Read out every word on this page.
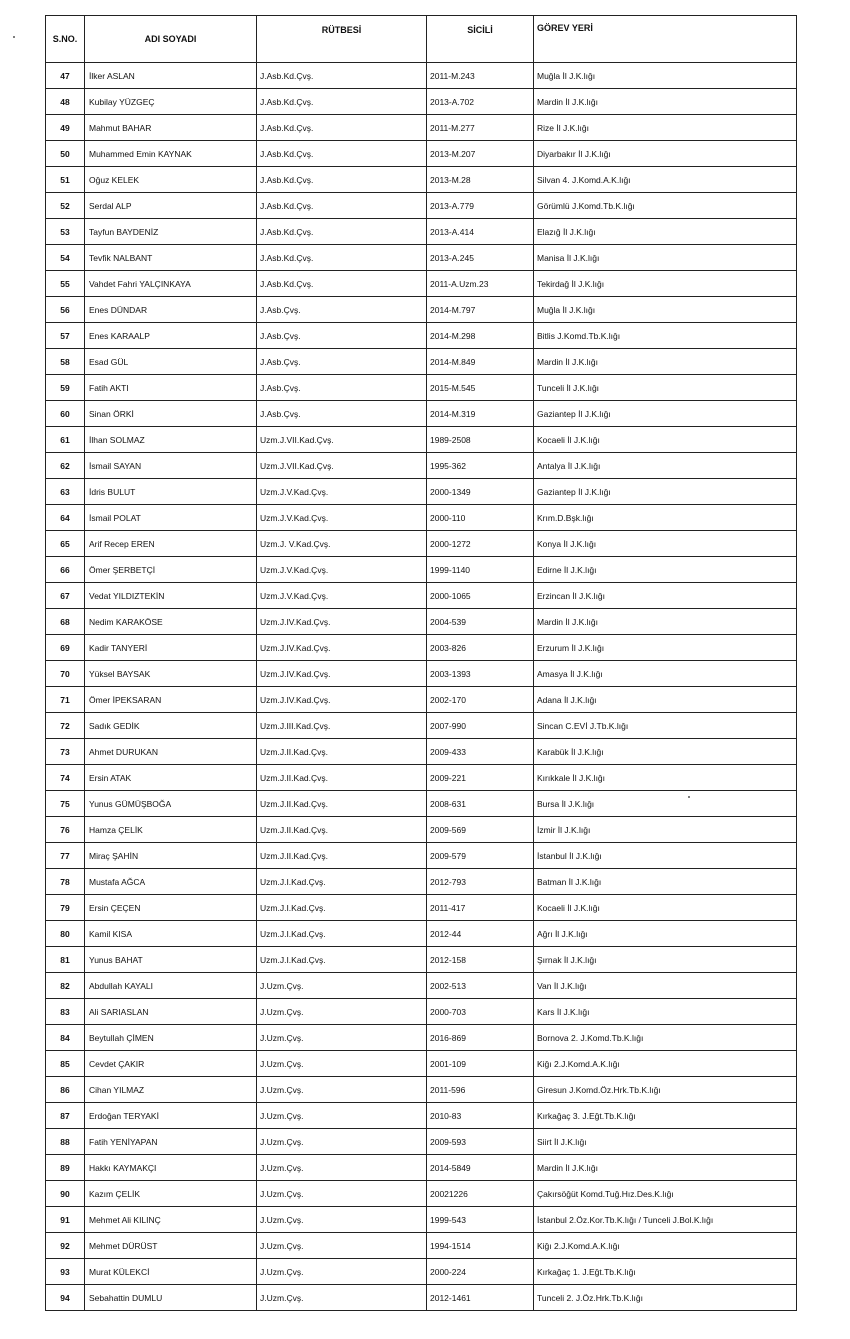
S.NO.	ADI SOYADI	RÜTBESİ	SİCİLİ	GÖREV YERİ
47	İlker ASLAN	J.Asb.Kd.Çvş.	2011-M.243	Muğla İl J.K.lığı
48	Kubilay YÜZGEÇ	J.Asb.Kd.Çvş.	2013-A.702	Mardin İl J.K.lığı
49	Mahmut BAHAR	J.Asb.Kd.Çvş.	2011-M.277	Rize İl J.K.lığı
50	Muhammed Emin KAYNAK	J.Asb.Kd.Çvş.	2013-M.207	Diyarbakır İl J.K.lığı
51	Oğuz KELEK	J.Asb.Kd.Çvş.	2013-M.28	Silvan 4. J.Komd.A.K.lığı
52	Serdal ALP	J.Asb.Kd.Çvş.	2013-A.779	Görümlü J.Komd.Tb.K.lığı
53	Tayfun BAYDENİZ	J.Asb.Kd.Çvş.	2013-A.414	Elazığ İl J.K.lığı
54	Tevfik NALBANT	J.Asb.Kd.Çvş.	2013-A.245	Manisa İl J.K.lığı
55	Vahdet Fahri YALÇINKAYA	J.Asb.Kd.Çvş.	2011-A.Uzm.23	Tekirdağ İl J.K.lığı
56	Enes DÜNDAR	J.Asb.Çvş.	2014-M.797	Muğla İl J.K.lığı
57	Enes KARAALP	J.Asb.Çvş.	2014-M.298	Bitlis J.Komd.Tb.K.lığı
58	Esad GÜL	J.Asb.Çvş.	2014-M.849	Mardin İl J.K.lığı
59	Fatih AKTI	J.Asb.Çvş.	2015-M.545	Tunceli İl J.K.lığı
60	Sinan ÖRKİ	J.Asb.Çvş.	2014-M.319	Gaziantep İl J.K.lığı
61	İlhan SOLMAZ	Uzm.J.VII.Kad.Çvş.	1989-2508	Kocaeli İl J.K.lığı
62	İsmail SAYAN	Uzm.J.VII.Kad.Çvş.	1995-362	Antalya İl J.K.lığı
63	İdris BULUT	Uzm.J.V.Kad.Çvş.	2000-1349	Gaziantep İl J.K.lığı
64	İsmail POLAT	Uzm.J.V.Kad.Çvş.	2000-110	Krım.D.Bşk.lığı
65	Arif Recep EREN	Uzm.J. V.Kad.Çvş.	2000-1272	Konya İl J.K.lığı
66	Ömer ŞERBETÇİ	Uzm.J.V.Kad.Çvş.	1999-1140	Edirne İl J.K.lığı
67	Vedat YILDIZTEKİN	Uzm.J.V.Kad.Çvş.	2000-1065	Erzincan İl J.K.lığı
68	Nedim KARAKÖSE	Uzm.J.IV.Kad.Çvş.	2004-539	Mardin İl J.K.lığı
69	Kadir TANYERİ	Uzm.J.IV.Kad.Çvş.	2003-826	Erzurum İl J.K.lığı
70	Yüksel BAYSAK	Uzm.J.IV.Kad.Çvş.	2003-1393	Amasya İl J.K.lığı
71	Ömer İPEKSARAN	Uzm.J.IV.Kad.Çvş.	2002-170	Adana İl J.K.lığı
72	Sadık GEDİK	Uzm.J.III.Kad.Çvş.	2007-990	Sincan C.EVİ J.Tb.K.lığı
73	Ahmet DURUKAN	Uzm.J.II.Kad.Çvş.	2009-433	Karabük İl J.K.lığı
74	Ersin ATAK	Uzm.J.II.Kad.Çvş.	2009-221	Kırıkkale İl J.K.lığı
75	Yunus GÜMÜŞBOĞA	Uzm.J.II.Kad.Çvş.	2008-631	Bursa İl J.K.lığı
76	Hamza ÇELİK	Uzm.J.II.Kad.Çvş.	2009-569	İzmir İl J.K.lığı
77	Miraç ŞAHİN	Uzm.J.II.Kad.Çvş.	2009-579	İstanbul İl J.K.lığı
78	Mustafa AĞCA	Uzm.J.I.Kad.Çvş.	2012-793	Batman İl J.K.lığı
79	Ersin ÇEÇEN	Uzm.J.I.Kad.Çvş.	2011-417	Kocaeli İl J.K.lığı
80	Kamil KISA	Uzm.J.I.Kad.Çvş.	2012-44	Ağrı İl J.K.lığı
81	Yunus BAHAT	Uzm.J.I.Kad.Çvş.	2012-158	Şırnak İl J.K.lığı
82	Abdullah KAYALI	J.Uzm.Çvş.	2002-513	Van İl J.K.lığı
83	Ali SARIASLAN	J.Uzm.Çvş.	2000-703	Kars İl J.K.lığı
84	Beytullah ÇİMEN	J.Uzm.Çvş.	2016-869	Bornova 2. J.Komd.Tb.K.lığı
85	Cevdet ÇAKIR	J.Uzm.Çvş.	2001-109	Kiğı 2.J.Komd.A.K.lığı
86	Cihan YILMAZ	J.Uzm.Çvş.	2011-596	Giresun J.Komd.Öz.Hrk.Tb.K.lığı
87	Erdoğan TERYAKİ	J.Uzm.Çvş.	2010-83	Kırkağaç 3. J.Eğt.Tb.K.lığı
88	Fatih YENİYAPAN	J.Uzm.Çvş.	2009-593	Siirt İl J.K.lığı
89	Hakkı KAYMAKÇI	J.Uzm.Çvş.	2014-5849	Mardin İl J.K.lığı
90	Kazım ÇELİK	J.Uzm.Çvş.	20021226	Çakırsöğüt Komd.Tuğ.Hız.Des.K.lığı
91	Mehmet Ali KILINÇ	J.Uzm.Çvş.	1999-543	İstanbul 2.Öz.Kor.Tb.K.lığı / Tunceli J.Bol.K.lığı
92	Mehmet DÜRÜST	J.Uzm.Çvş.	1994-1514	Kiğı 2.J.Komd.A.K.lığı
93	Murat KÜLEKCİ	J.Uzm.Çvş.	2000-224	Kırkağaç 1. J.Eğt.Tb.K.lığı
94	Sebahattin DUMLU	J.Uzm.Çvş.	2012-1461	Tunceli 2. J.Öz.Hrk.Tb.K.lığı
